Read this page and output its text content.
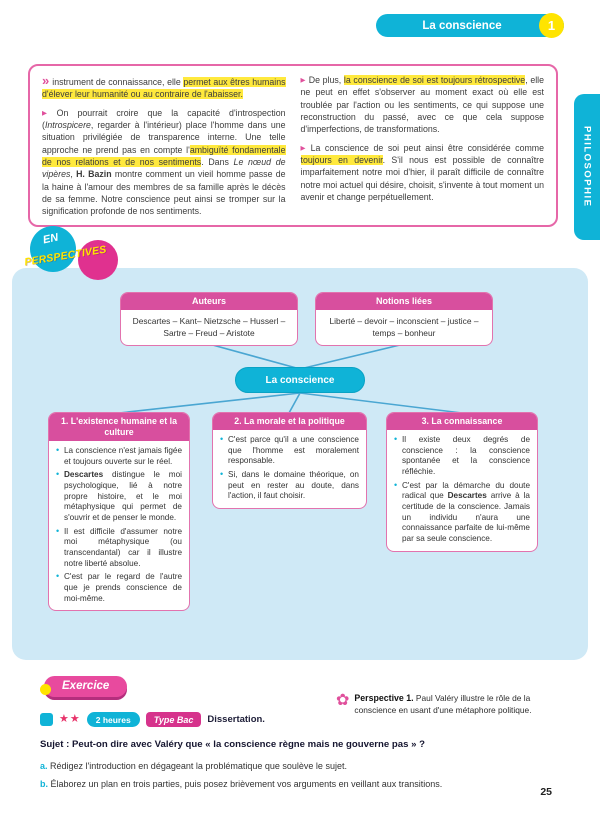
La conscience	1
PHILOSOPHIE

» instrument de connaissance, elle permet aux êtres humains d'élever leur humanité ou au contraire de l'abaisser.

▶ On pourrait croire que la capacité d'introspection (Introspicere, regarder à l'intérieur) place l'homme dans une situation privilégiée de transparence interne. Une telle approche ne prend pas en compte l'ambiguïté fondamentale de nos relations et de nos sentiments. Dans Le nœud de vipères, H. Bazin montre comment un vieil homme passe de la haine à l'amour des membres de sa famille après le décès de sa femme. Notre conscience peut ainsi se tromper sur la signification profonde de nos sentiments.

▶ De plus, la conscience de soi est toujours rétrospective, elle ne peut en effet s'observer au moment exact où elle est troublée par l'action ou les sentiments, ce qui suppose une reconstruction du passé, avec ce que cela suppose d'imperfections, de transformations.

▶ La conscience de soi peut ainsi être considérée comme toujours en devenir. S'il nous est possible de connaître imparfaitement notre moi d'hier, il paraît difficile de connaître notre moi actuel qui désire, choisit, s'invente à tout moment un avenir et change perpétuellement.

EN
PERSPECTIVES
Auteurs
Descartes – Kant– Nietzsche – Husserl –Sartre – Freud – Aristote
Notions liées
Liberté – devoir – inconscient – justice – temps – bonheur
La conscience
1. L'existence humaine et la culture
• La conscience n'est jamais figée et toujours ouverte sur le réel.
• Descartes distingue le moi psychologique, lié à notre propre histoire, et le moi métaphysique qui permet de s'ouvrir et de penser le monde.
• Il est difficile d'assumer notre moi métaphysique (ou transcendantal) car il illustre notre liberté absolue.
• C'est par le regard de l'autre que je prends conscience de moi-même.
2. La morale et la politique
• C'est parce qu'il a une conscience que l'homme est moralement responsable.
• Si, dans le domaine théorique, on peut en rester au doute, dans l'action, il faut choisir.
3. La connaissance
• Il existe deux degrés de conscience : la conscience spontanée et la conscience réfléchie.
• C'est par la démarche du doute radical que Descartes arrive à la certitude de la conscience. Jamais un individu n'aura une connaissance parfaite de lui-même par sa seule conscience.
Exercice
✿ Perspective 1. Paul Valéry illustre le rôle de la conscience en usant d'une métaphore politique.
★★	2 heures	Type Bac	Dissertation.

Sujet : Peut-on dire avec Valéry que « la conscience règne mais ne gouverne pas » ?

a. Rédigez l'introduction en dégageant la problématique que soulève le sujet.

b. Élaborez un plan en trois parties, puis posez brièvement vos arguments en veillant aux transitions.

25
